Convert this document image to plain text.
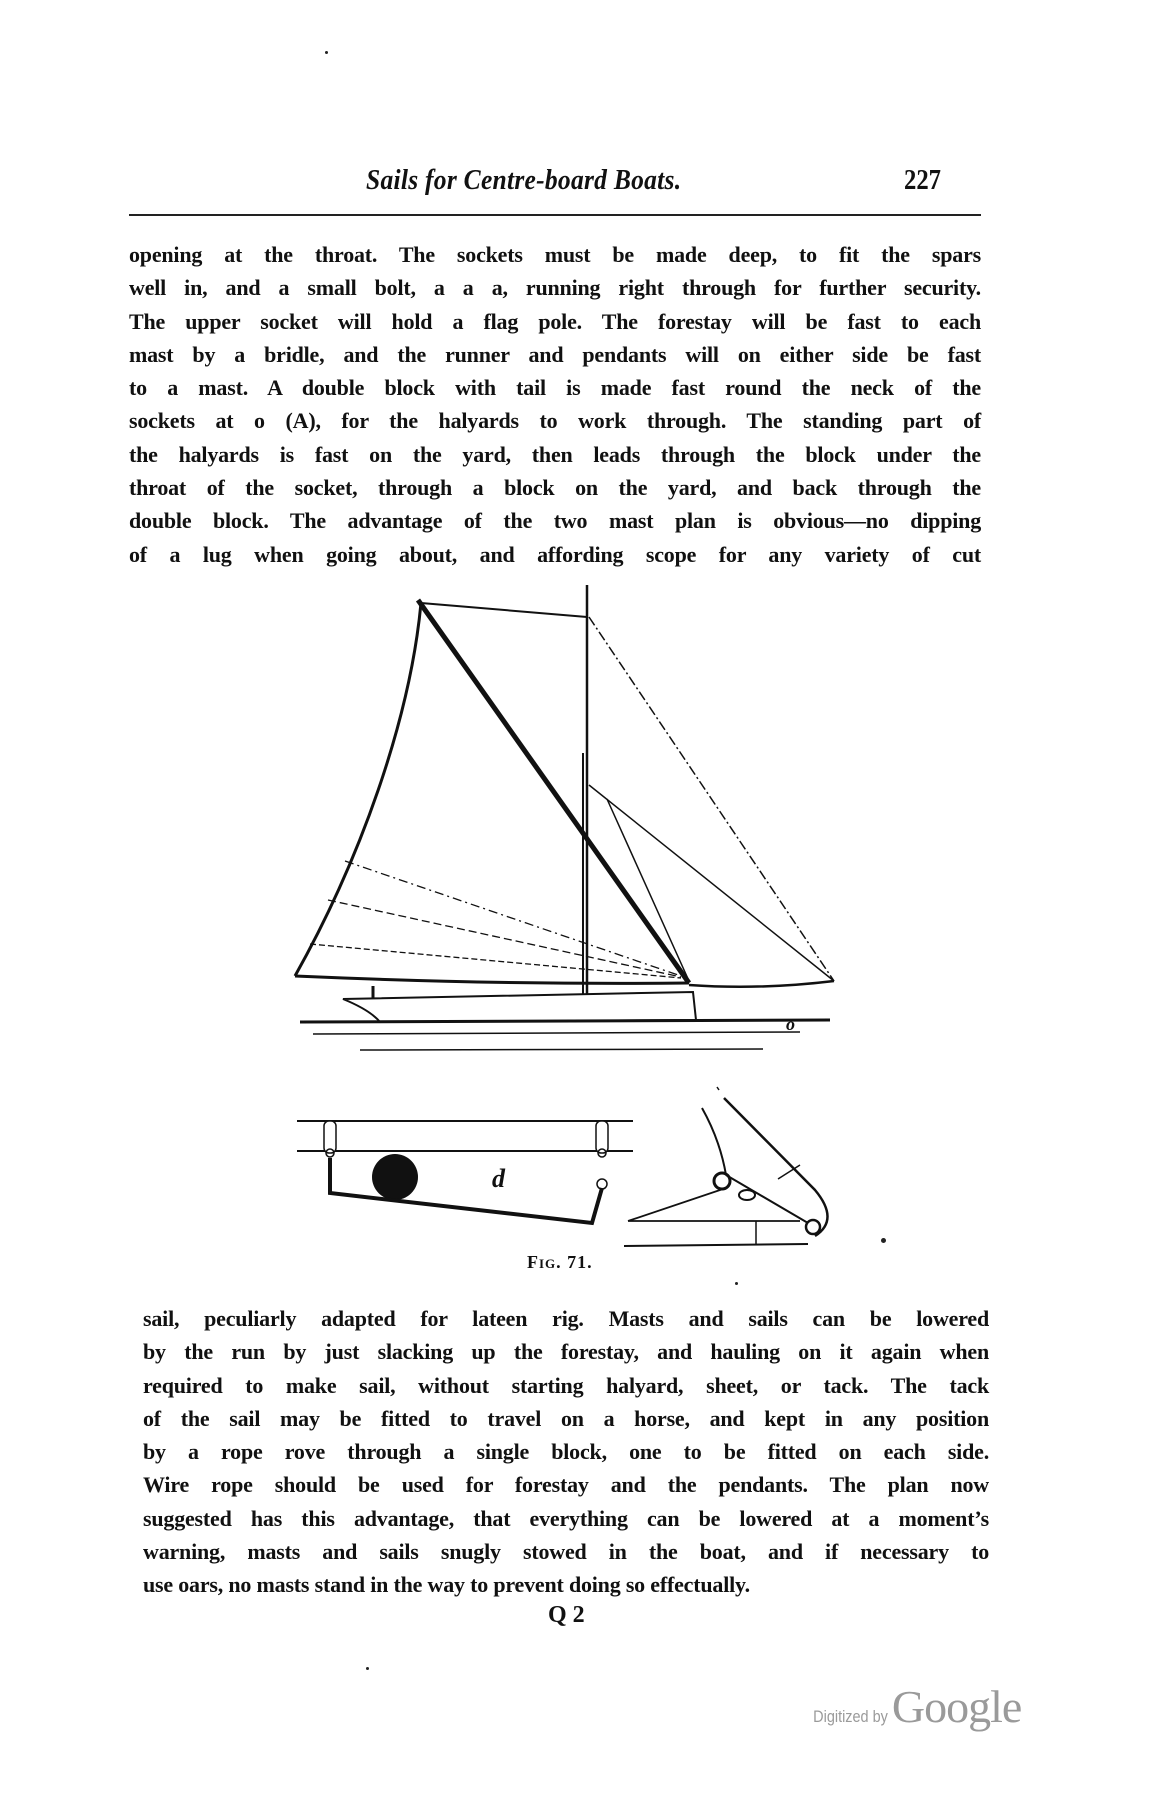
Sails for Centre-board Boats.	227
opening at the throat. The sockets must be made deep, to fit the spars
well in, and a small bolt, a a a, running right through for further security.
The upper socket will hold a flag pole. The forestay will be fast to each
mast by a bridle, and the runner and pendants will on either side be fast
to a mast. A double block with tail is made fast round the neck of the
sockets at o (A), for the halyards to work through. The standing part of
the halyards is fast on the yard, then leads through the block under the
throat of the socket, through a block on the yard, and back through the
double block. The advantage of the two mast plan is obvious—no dipping
of a lug when going about, and affording scope for any variety of cut
d
o
Fig. 71.
sail, peculiarly adapted for lateen rig. Masts and sails can be lowered
by the run by just slacking up the forestay, and hauling on it again when
required to make sail, without starting halyard, sheet, or tack. The tack
of the sail may be fitted to travel on a horse, and kept in any position
by a rope rove through a single block, one to be fitted on each side.
Wire rope should be used for forestay and the pendants. The plan now
suggested has this advantage, that everything can be lowered at a moment’s
warning, masts and sails snugly stowed in the boat, and if necessary to
use oars, no masts stand in the way to prevent doing so effectually.
Q 2
Digitized by Google
